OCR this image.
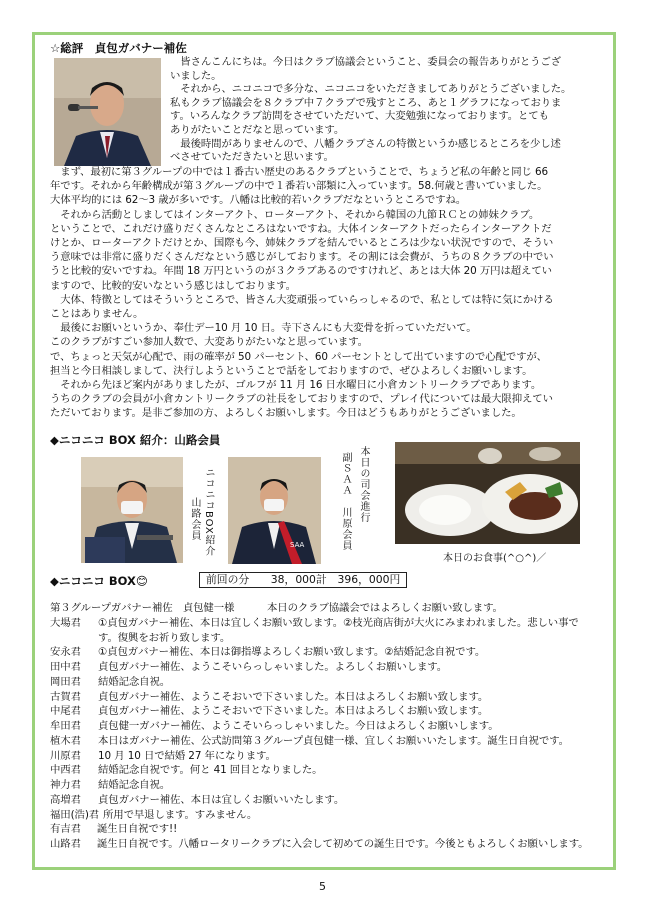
☆総評　貞包ガバナー補佐
　皆さんこんにちは。今日はクラブ協議会ということ、委員会の報告ありがとうござ
いました。
　それから、ニコニコで多分な、ニコニコをいただきましてありがとうございました。
私もクラブ協議会を８クラブ中７クラブで残すところ、あと１グラフになっておりま
す。いろんなクラブ訪問をさせていただいて、大変勉強になっております。とても
ありがたいことだなと思っています。
　最後時間がありませんので、八幡クラブさんの特徴というか感じるところを少し述
べさせていただきたいと思います。
　まず、最初に第３グループの中では１番古い歴史のあるクラブということで、ちょうど私の年齢と同じ 66
年です。それから年齢構成が第３グループの中で１番若い部類に入っています。58.何歳と書いていました。
大体平均的には 62～3 歳が多いです。八幡は比較的若いクラブだなというところですね。
　それから活動としましてはインターアクト、ローターアクト、それから韓国の九節ＲＣとの姉妹クラブ。
ということで、これだけ盛りだくさんなところはないですね。大体インターアクトだったらインターアクトだ
けとか、ローターアクトだけとか、国際も今、姉妹クラブを結んでいるところは少ない状況ですので、そうい
う意味では非常に盛りだくさんだなという感じがしております。その割には会費が、うちの８クラブの中でい
うと比較的安いですね。年間 18 万円というのが３クラブあるのですけれど、あとは大体 20 万円は超えてい
ますので、比較的安いなという感じはしております。
　大体、特徴としてはそういうところで、皆さん大変頑張っていらっしゃるので、私としては特に気にかける
ことはありません。
　最後にお願いというか、奉仕デー10 月 10 日。寺下さんにも大変骨を折っていただいて。
このクラブがすごい参加人数で、大変ありがたいなと思っています。
で、ちょっと天気が心配で、雨の確率が 50 パーセント、60 パーセントとして出ていますので心配ですが、
担当と今日相談しまして、決行しようということで話をしておりますので、ぜひよろしくお願いします。
　それから先ほど案内がありましたが、ゴルフが 11 月 16 日水曜日に小倉カントリークラブであります。
うちのクラブの会員が小倉カントリークラブの社長をしておりますので、プレイ代については最大限抑えてい
ただいております。是非ご参加の方、よろしくお願いします。今日はどうもありがとうございました。
◆ニコニコ BOX 紹介：山路会員
ニコニコBOX紹介
山路会員
SAA
本日の司会進行
副ＳＡＡ　川原会員
本日のお食事(^○^)／
◆ニコニコ BOX😊	前回の分　　38，000計　396，000円
第３グループガバナー補佐　貞包健一様	本日のクラブ協議会ではよろしくお願い致します。
大場君 ①貞包ガバナー補佐、本日は宜しくお願い致します。②枝光商店街が大火にみまわれました。悲しい事で
す。復興をお祈り致します。
安永君 ①貞包ガバナー補佐、本日は御指導よろしくお願い致します。②結婚記念自祝です。
田中君 貞包ガバナー補佐、ようこそいらっしゃいました。よろしくお願いします。
岡田君 結婚記念自祝。
古賀君 貞包ガバナー補佐、ようこそおいで下さいました。本日はよろしくお願い致します。
中尾君 貞包ガバナー補佐、ようこそおいで下さいました。本日はよろしくお願い致します。
牟田君 貞包健一ガバナー補佐、ようこそいらっしゃいました。今日はよろしくお願いします。
植木君 本日はガバナー補佐、公式訪問第３グループ貞包健一様、宜しくお願いいたします。誕生日自祝です。
川原君 10 月 10 日で結婚 27 年になります。
中西君 結婚記念自祝です。何と 41 回目となりました。
神力君 結婚記念自祝。
高増君 貞包ガバナー補佐、本日は宜しくお願いいたします。
福田(浩)君 所用で早退します。すみません。
有吉君 誕生日自祝です!!
山路君 誕生日自祝です。八幡ロータリークラブに入会して初めての誕生日です。今後ともよろしくお願いします。
5
